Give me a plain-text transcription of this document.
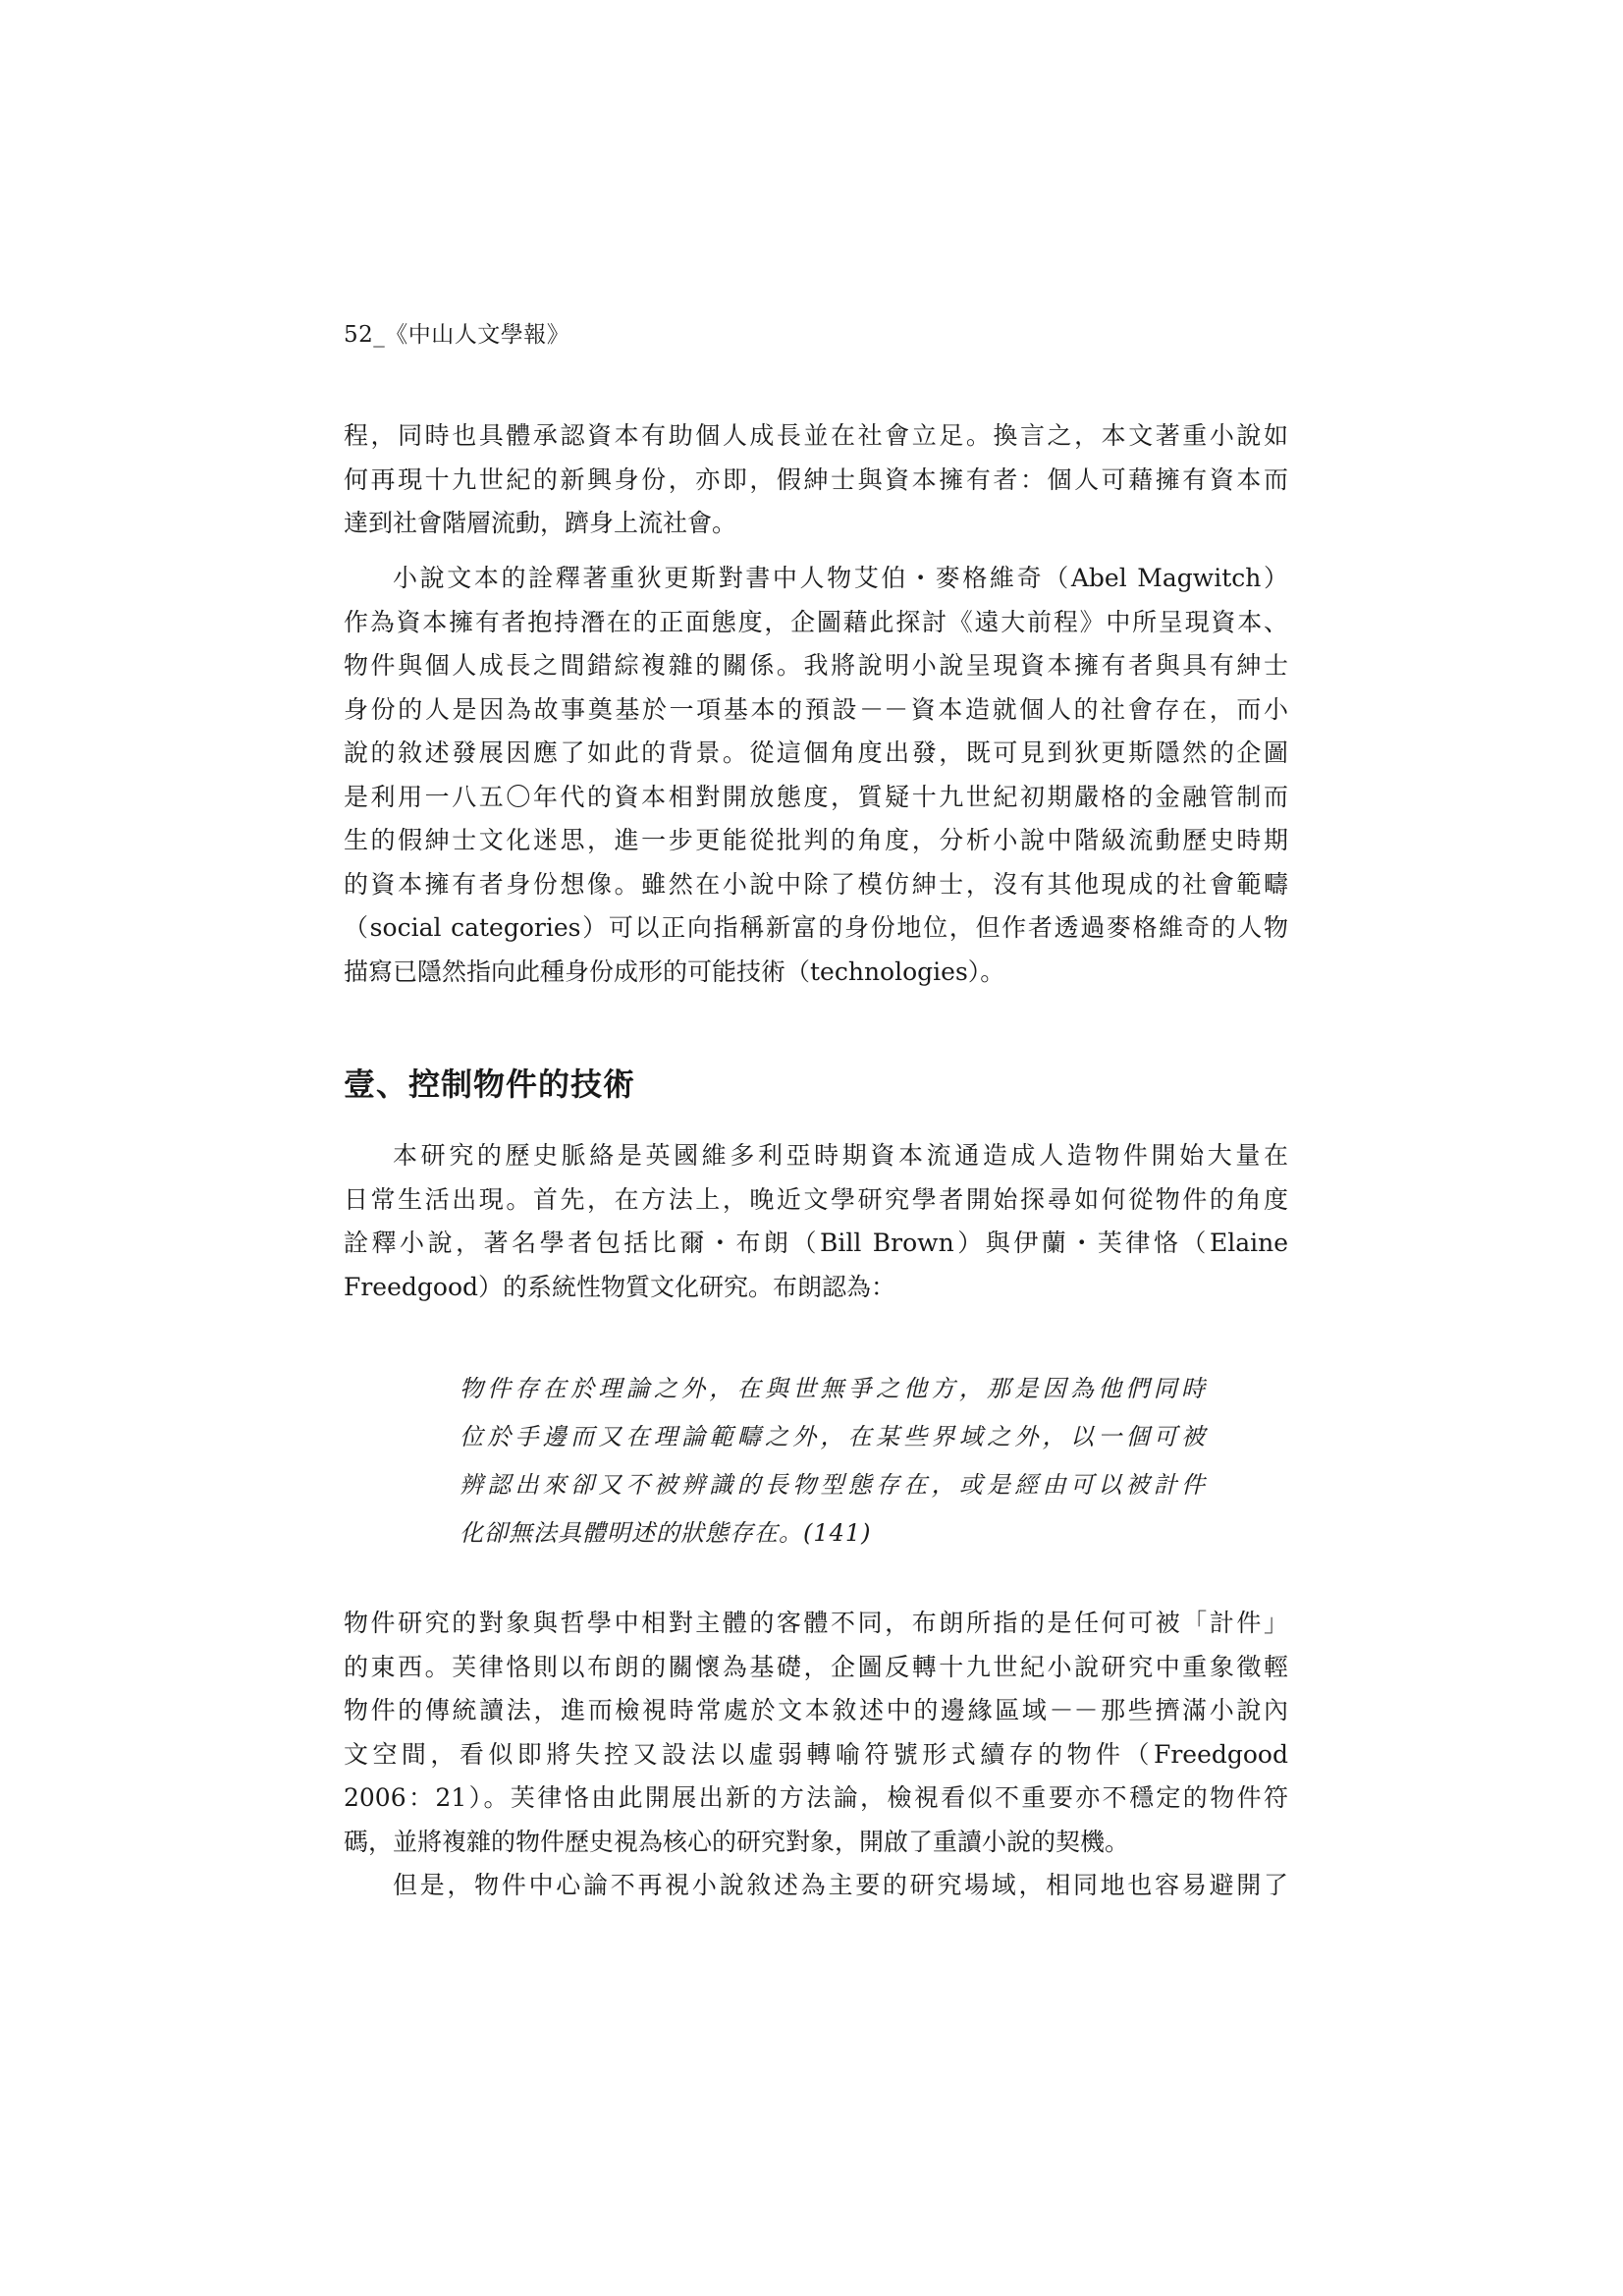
52_《中山人文學報》
程，同時也具體承認資本有助個人成長並在社會立足。換言之，本文著重小說如
何再現十九世紀的新興身份，亦即，假紳士與資本擁有者：個人可藉擁有資本而
達到社會階層流動，躋身上流社會。
小說文本的詮釋著重狄更斯對書中人物艾伯・麥格維奇（Abel Magwitch）
作為資本擁有者抱持潛在的正面態度，企圖藉此探討《遠大前程》中所呈現資本、
物件與個人成長之間錯綜複雜的關係。我將說明小說呈現資本擁有者與具有紳士
身份的人是因為故事奠基於一項基本的預設－－資本造就個人的社會存在，而小
說的敘述發展因應了如此的背景。從這個角度出發，既可見到狄更斯隱然的企圖
是利用一八五〇年代的資本相對開放態度，質疑十九世紀初期嚴格的金融管制而
生的假紳士文化迷思，進一步更能從批判的角度，分析小說中階級流動歷史時期
的資本擁有者身份想像。雖然在小說中除了模仿紳士，沒有其他現成的社會範疇
（social categories）可以正向指稱新富的身份地位，但作者透過麥格維奇的人物
描寫已隱然指向此種身份成形的可能技術（technologies）。
壹、控制物件的技術
本研究的歷史脈絡是英國維多利亞時期資本流通造成人造物件開始大量在
日常生活出現。首先，在方法上，晚近文學研究學者開始探尋如何從物件的角度
詮釋小說，著名學者包括比爾・布朗（Bill Brown）與伊蘭・芙律恪（Elaine
Freedgood）的系統性物質文化研究。布朗認為：
物件存在於理論之外，在與世無爭之他方，那是因為他們同時
位於手邊而又在理論範疇之外，在某些界域之外，以一個可被
辨認出來卻又不被辨識的長物型態存在，或是經由可以被計件
化卻無法具體明述的狀態存在。(141)
物件研究的對象與哲學中相對主體的客體不同，布朗所指的是任何可被「計件」
的東西。芙律恪則以布朗的關懷為基礎，企圖反轉十九世紀小說研究中重象徵輕
物件的傳統讀法，進而檢視時常處於文本敘述中的邊緣區域－－那些擠滿小說內
文空間，看似即將失控又設法以虛弱轉喻符號形式續存的物件（Freedgood
2006：21）。芙律恪由此開展出新的方法論，檢視看似不重要亦不穩定的物件符
碼，並將複雜的物件歷史視為核心的研究對象，開啟了重讀小說的契機。
但是，物件中心論不再視小說敘述為主要的研究場域，相同地也容易避開了
